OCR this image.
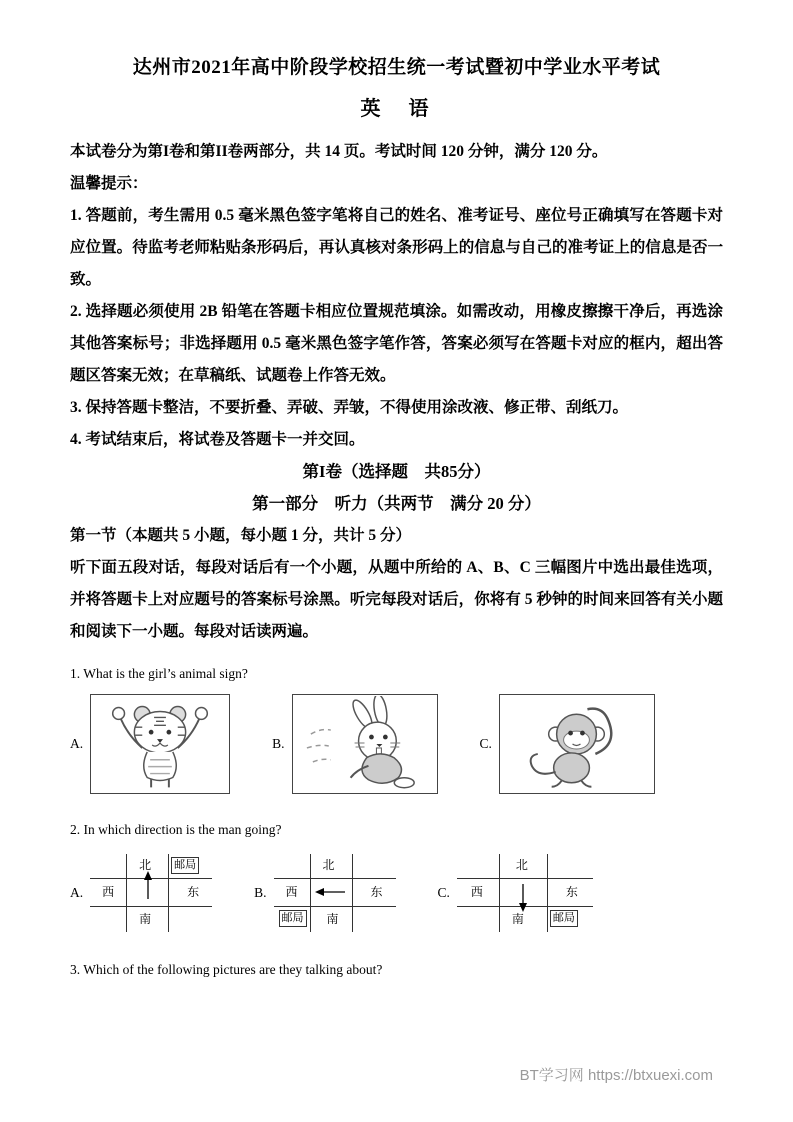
达州市2021年高中阶段学校招生统一考试暨初中学业水平考试
英　语

本试卷分为第I卷和第II卷两部分，共 14 页。考试时间 120 分钟，满分 120 分。

温馨提示：

1. 答题前，考生需用 0.5 毫米黑色签字笔将自己的姓名、准考证号、座位号正确填写在答题卡对应位置。待监考老师粘贴条形码后，再认真核对条形码上的信息与自己的准考证上的信息是否一致。

2. 选择题必须使用 2B 铅笔在答题卡相应位置规范填涂。如需改动，用橡皮擦擦干净后，再选涂其他答案标号；非选择题用 0.5 毫米黑色签字笔作答，答案必须写在答题卡对应的框内，超出答题区答案无效；在草稿纸、试题卷上作答无效。

3. 保持答题卡整洁，不要折叠、弄破、弄皱，不得使用涂改液、修正带、刮纸刀。

4. 考试结束后，将试卷及答题卡一并交回。

第I卷（选择题　共85分）
第一部分　听力（共两节　满分 20 分）

第一节（本题共 5 小题，每小题 1 分，共计 5 分）

听下面五段对话，每段对话后有一个小题，从题中所给的 A、B、C 三幅图片中选出最佳选项，并将答题卡上对应题号的答案标号涂黑。听完每段对话后，你将有 5 秒钟的时间来回答有关小题和阅读下一小题。每段对话读两遍。

1. What is the girl’s animal sign?

A.	B.	C.

2. In which direction is the man going?

A.
北
西	东
南
邮局
B.
北
西	东
南
邮局
C.
北
西	东
南	邮局

3. Which of the following pictures are they talking about?

BT学习网 https://btxuexi.com
